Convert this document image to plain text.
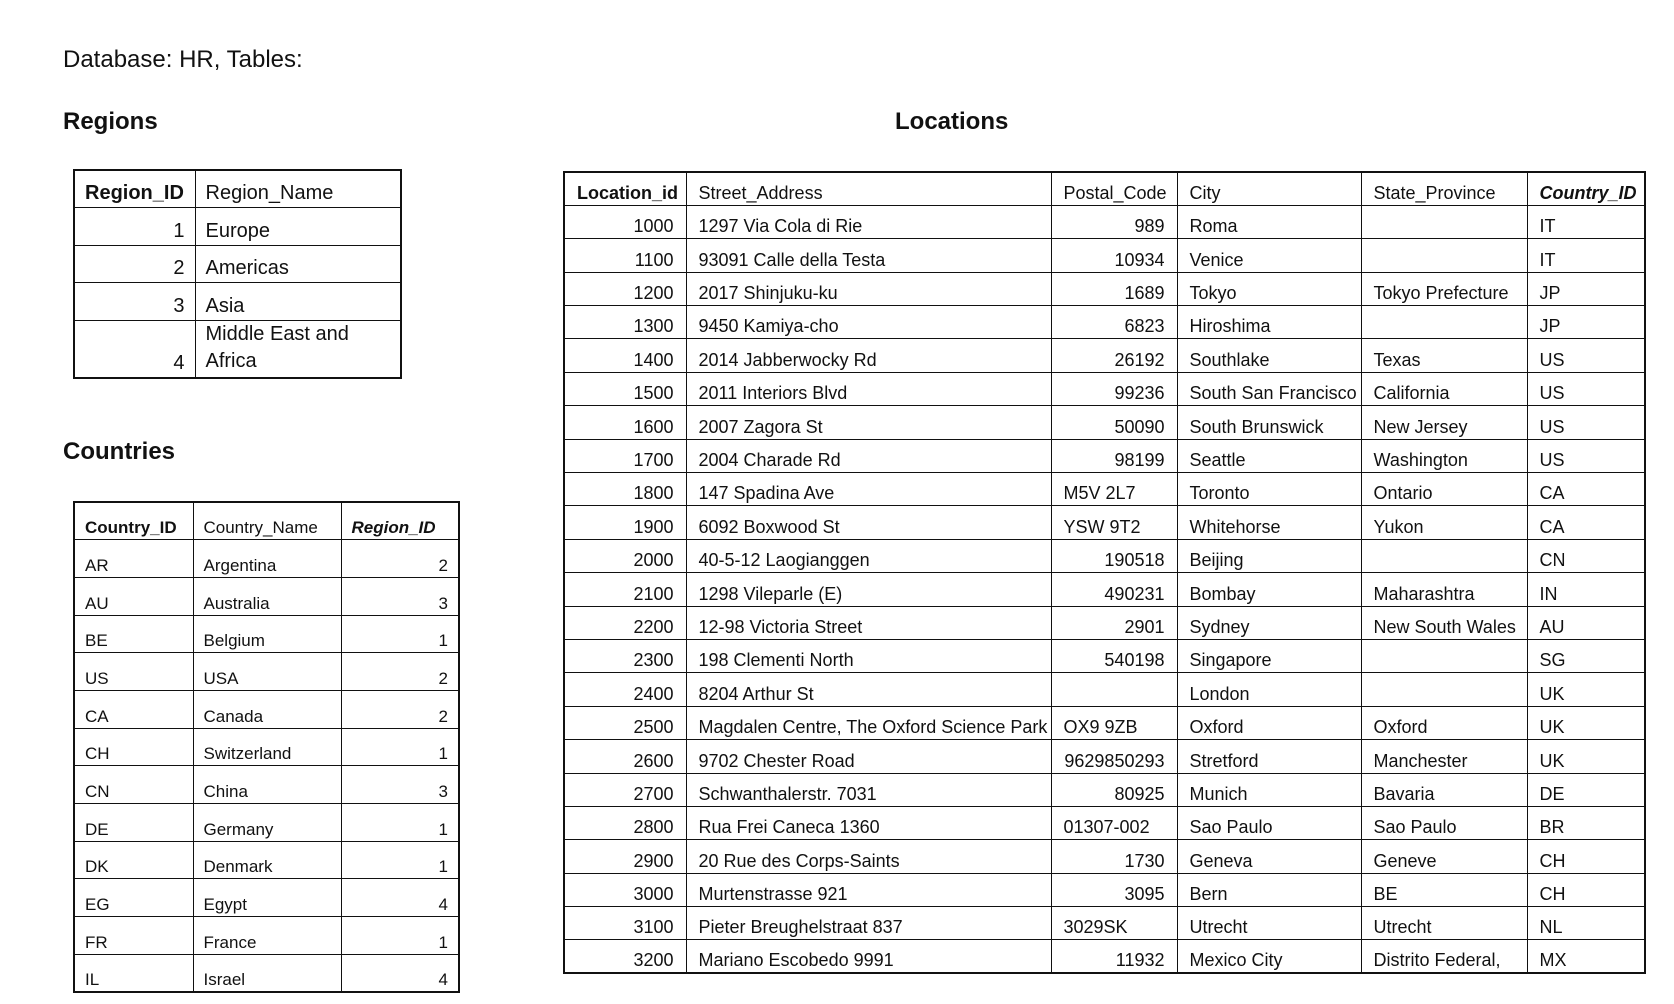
Database: HR, Tables:
Regions
Region_ID	Region_Name
1	Europe
2	Americas
3	Asia
4	Middle East and Africa
Countries
Country_ID	Country_Name	Region_ID
AR	Argentina	2
AU	Australia	3
BE	Belgium	1
US	USA	2
CA	Canada	2
CH	Switzerland	1
CN	China	3
DE	Germany	1
DK	Denmark	1
EG	Egypt	4
FR	France	1
IL	Israel	4
Locations
Location_id	Street_Address	Postal_Code	City	State_Province	Country_ID
1000	1297 Via Cola di Rie	989	Roma		IT
1100	93091 Calle della Testa	10934	Venice		IT
1200	2017 Shinjuku-ku	1689	Tokyo	Tokyo Prefecture	JP
1300	9450 Kamiya-cho	6823	Hiroshima		JP
1400	2014 Jabberwocky Rd	26192	Southlake	Texas	US
1500	2011 Interiors Blvd	99236	South San Francisco	California	US
1600	2007 Zagora St	50090	South Brunswick	New Jersey	US
1700	2004 Charade Rd	98199	Seattle	Washington	US
1800	147 Spadina Ave	M5V 2L7	Toronto	Ontario	CA
1900	6092 Boxwood St	YSW 9T2	Whitehorse	Yukon	CA
2000	40-5-12 Laogianggen	190518	Beijing		CN
2100	1298 Vileparle (E)	490231	Bombay	Maharashtra	IN
2200	12-98 Victoria Street	2901	Sydney	New South Wales	AU
2300	198 Clementi North	540198	Singapore		SG
2400	8204 Arthur St		London		UK
2500	Magdalen Centre, The Oxford Science Park	OX9 9ZB	Oxford	Oxford	UK
2600	9702 Chester Road	9629850293	Stretford	Manchester	UK
2700	Schwanthalerstr. 7031	80925	Munich	Bavaria	DE
2800	Rua Frei Caneca 1360	01307-002	Sao Paulo	Sao Paulo	BR
2900	20 Rue des Corps-Saints	1730	Geneva	Geneve	CH
3000	Murtenstrasse 921	3095	Bern	BE	CH
3100	Pieter Breughelstraat 837	3029SK	Utrecht	Utrecht	NL
3200	Mariano Escobedo 9991	11932	Mexico City	Distrito Federal,	MX
